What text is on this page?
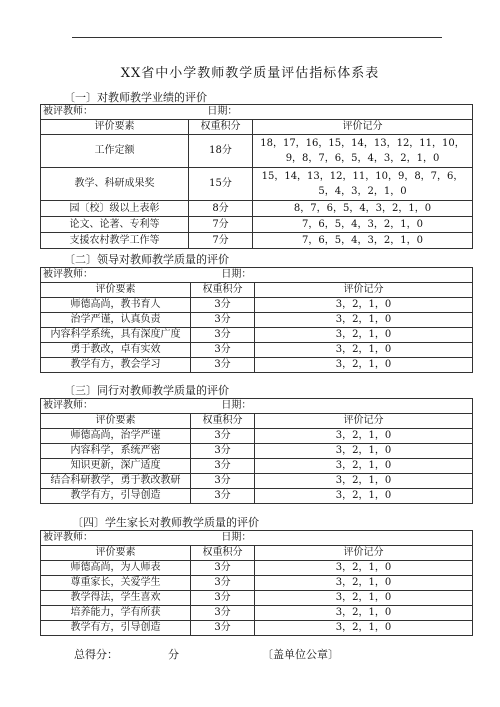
XX省中小学教师教学质量评估指标体系表
〔一〕对教师教学业绩的评价
被评教师： 日期：		
评价要素	权重积分	评价记分
工作定额	18分	18，17，16，15，14，13，12，11，10，9，8，7，6，5，4，3，2，1，0
教学、科研成果奖	15分	15，14，13，12，11，10，9，8，7，6，5，4，3，2，1，0
园〔校〕级以上表彰	8分	8，7，6，5，4，3，2，1，0
论文、论著、专利等	7分	7，6，5，4，3，2，1，0
支援农村教学工作等	7分	7，6，5，4，3，2，1，0
〔二〕领导对教师教学质量的评价
被评教师： 日期：		
评价要素	权重积分	评价记分
师德高尚，教书育人	3分	3，2，1，0
治学严谨，认真负责	3分	3，2，1，0
内容科学系统，具有深度广度	3分	3，2，1，0
勇于教改，卓有实效	3分	3，2，1，0
教学有方，教会学习	3分	3，2，1，0
〔三〕同行对教师教学质量的评价
被评教师： 日期：		
评价要素	权重积分	评价记分
师德高尚，治学严谨	3分	3，2，1，0
内容科学，系统严密	3分	3，2，1，0
知识更新，深广适度	3分	3，2，1，0
结合科研教学，勇于教改教研	3分	3，2，1，0
教学有方，引导创造	3分	3，2，1，0
〔四〕学生家长对教师教学质量的评价
被评教师： 日期：		
评价要素	权重积分	评价记分
师德高尚，为人师表	3分	3，2，1，0
尊重家长，关爱学生	3分	3，2，1，0
教学得法，学生喜欢	3分	3，2，1，0
培养能力，学有所获	3分	3，2，1，0
教学有方，引导创造	3分	3，2，1，0
总得分：	分	〔盖单位公章〕
